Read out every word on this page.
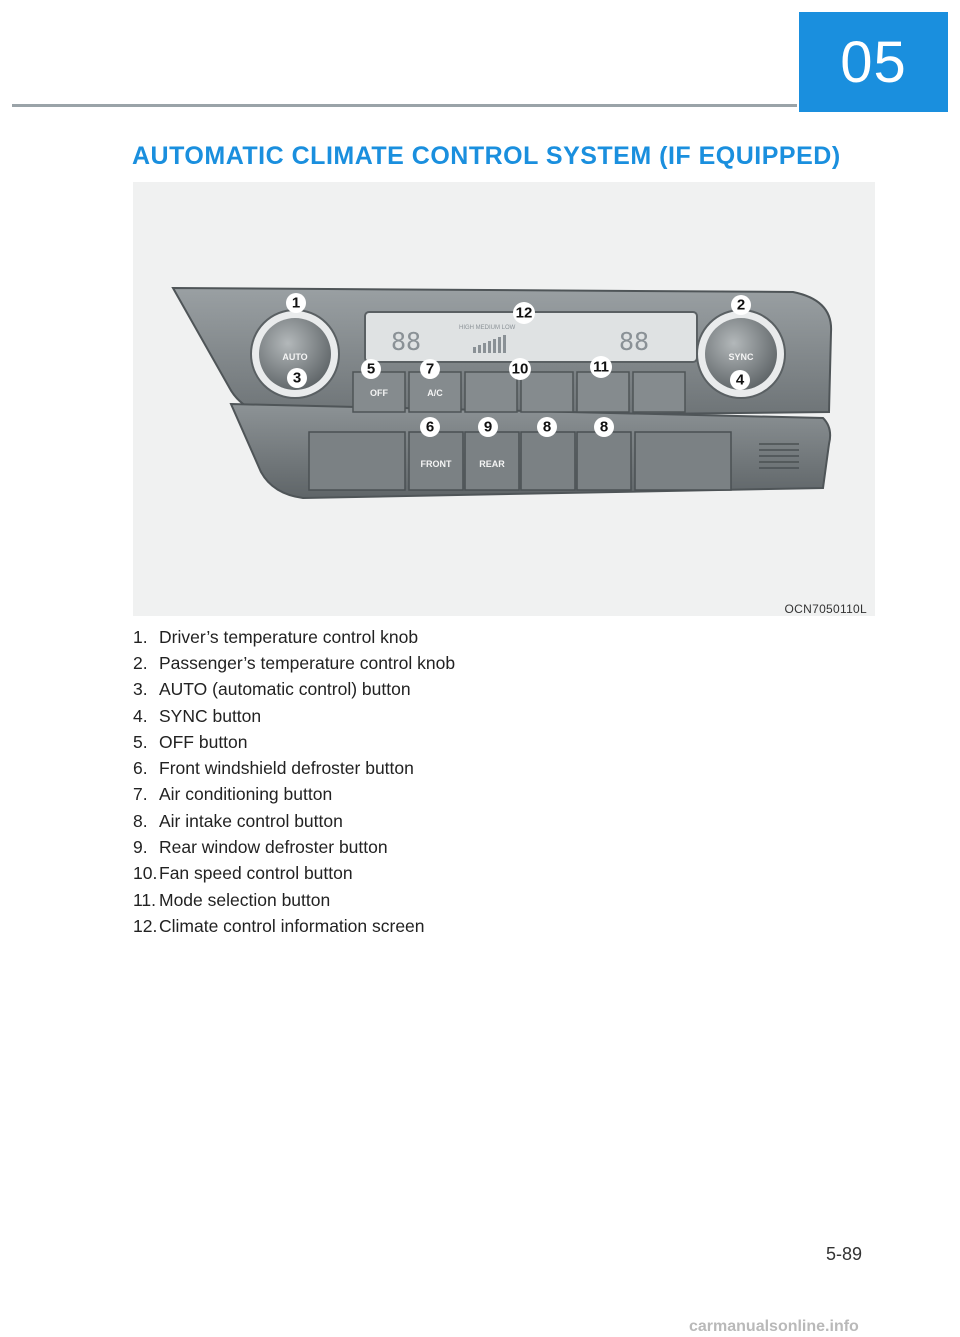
05
AUTOMATIC CLIMATE CONTROL SYSTEM (IF EQUIPPED)
88	88
HIGH MEDIUM LOW
AUTO	SYNC
OFF	A/C
FRONT	REAR
1	2
3	4
5
6
7
8	8
9
10	11
12
OCN7050110L
1. Driver’s temperature control knob
2. Passenger’s temperature control knob
3. AUTO (automatic control) button
4. SYNC button
5. OFF button
6. Front windshield defroster button
7. Air conditioning button
8. Air intake control button
9. Rear window defroster button
10. Fan speed control button
11. Mode selection button
12. Climate control information screen
5-89
carmanualsonline.info
